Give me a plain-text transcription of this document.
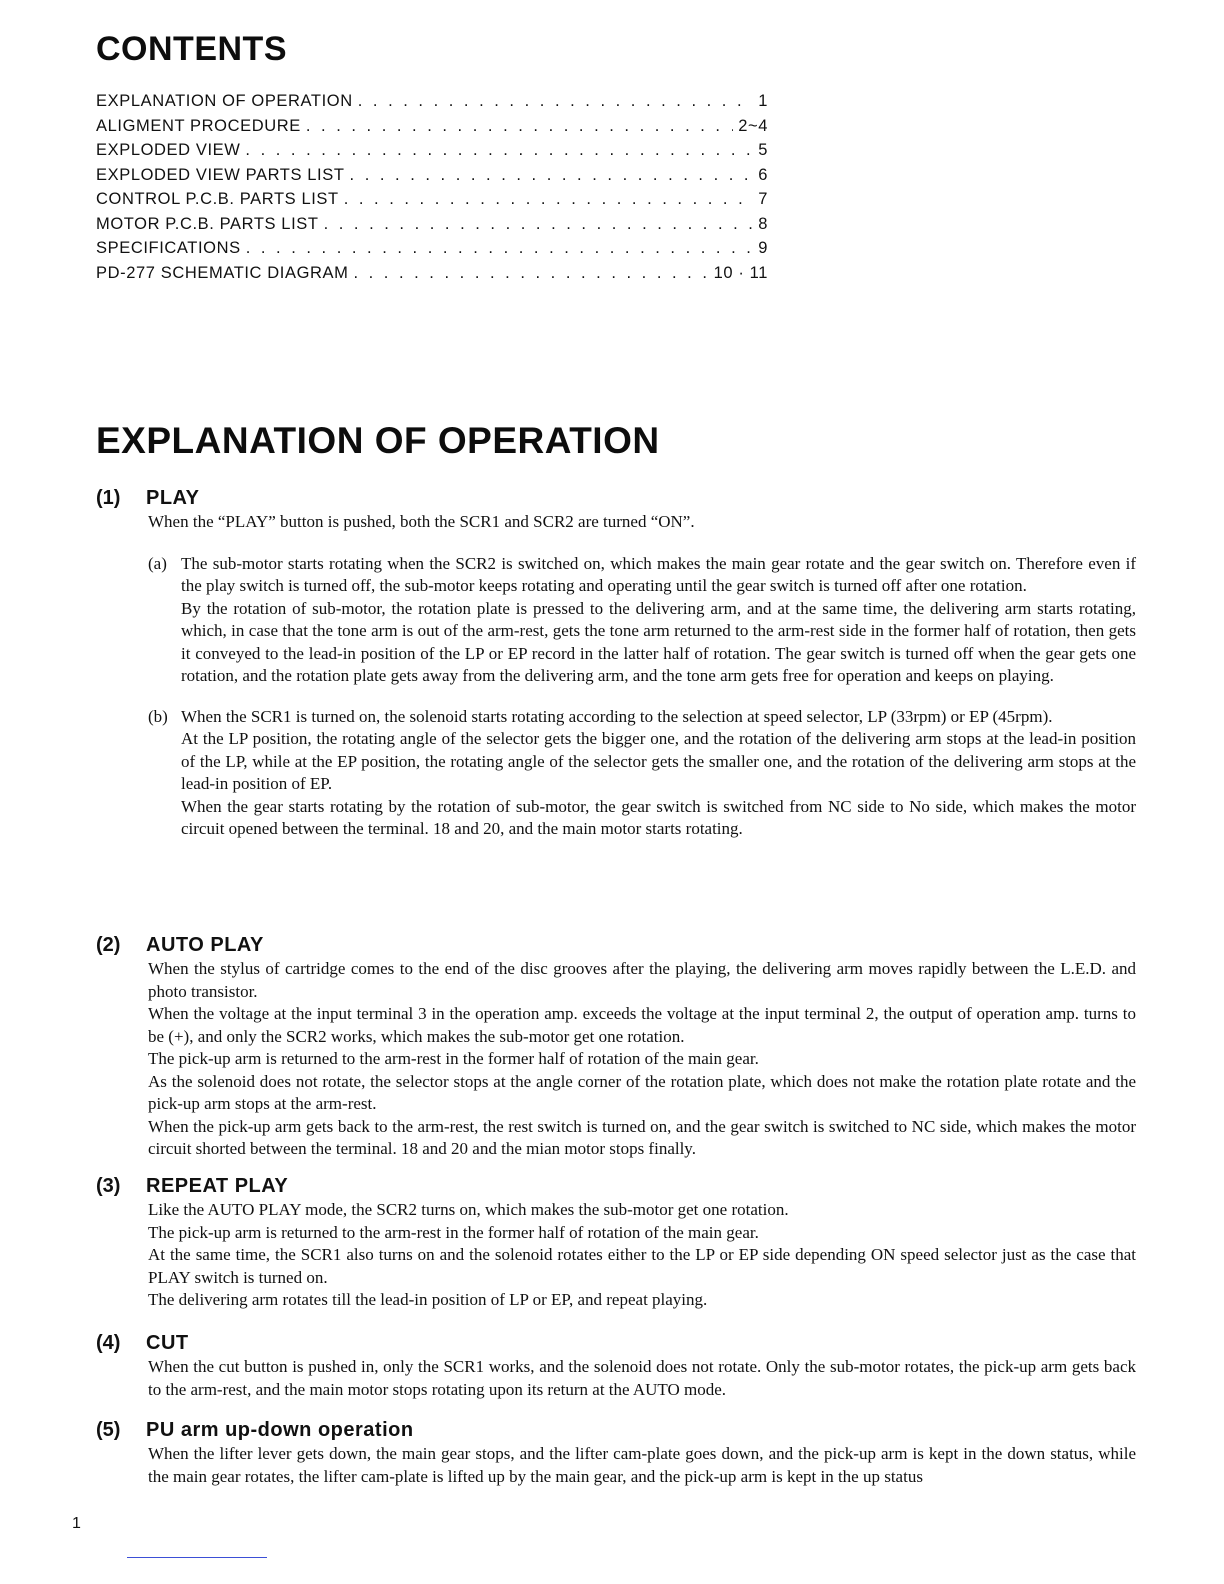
CONTENTS
EXPLANATION OF OPERATION . . .	1
ALIGMENT PROCEDURE . . .	2~4
EXPLODED VIEW . . .	5
EXPLODED VIEW PARTS LIST . . .	6
CONTROL P.C.B. PARTS LIST . . .	7
MOTOR P.C.B. PARTS LIST . . .	8
SPECIFICATIONS . . .	9
PD-277 SCHEMATIC DIAGRAM . . .	10 · 11
EXPLANATION OF OPERATION
(1)	PLAY

When the “PLAY” button is pushed, both the SCR1 and SCR2 are turned “ON”.

(a) The sub-motor starts rotating when the SCR2 is switched on, which makes the main gear rotate and the gear switch on. Therefore even if the play switch is turned off, the sub-motor keeps rotating and operating until the gear switch is turned off after one rotation.

By the rotation of sub-motor, the rotation plate is pressed to the delivering arm, and at the same time, the delivering arm starts rotating, which, in case that the tone arm is out of the arm-rest, gets the tone arm returned to the arm-rest side in the former half of rotation, then gets it conveyed to the lead-in position of the LP or EP record in the latter half of rotation. The gear switch is turned off when the gear gets one rotation, and the rotation plate gets away from the delivering arm, and the tone arm gets free for operation and keeps on playing.

(b) When the SCR1 is turned on, the solenoid starts rotating according to the selection at speed selector, LP (33rpm) or EP (45rpm).

At the LP position, the rotating angle of the selector gets the bigger one, and the rotation of the delivering arm stops at the lead-in position of the LP, while at the EP position, the rotating angle of the selector gets the smaller one, and the rotation of the delivering arm stops at the lead-in position of EP.

When the gear starts rotating by the rotation of sub-motor, the gear switch is switched from NC side to No side, which makes the motor circuit opened between the terminal. 18 and 20, and the main motor starts rotating.

(2)	AUTO PLAY

When the stylus of cartridge comes to the end of the disc grooves after the playing, the delivering arm moves rapidly between the L.E.D. and photo transistor.

When the voltage at the input terminal 3 in the operation amp. exceeds the voltage at the input terminal 2, the output of operation amp. turns to be (+), and only the SCR2 works, which makes the sub-motor get one rotation.

The pick-up arm is returned to the arm-rest in the former half of rotation of the main gear.

As the solenoid does not rotate, the selector stops at the angle corner of the rotation plate, which does not make the rotation plate rotate and the pick-up arm stops at the arm-rest.

When the pick-up arm gets back to the arm-rest, the rest switch is turned on, and the gear switch is switched to NC side, which makes the motor circuit shorted between the terminal. 18 and 20 and the mian motor stops finally.

(3)	REPEAT PLAY

Like the AUTO PLAY mode, the SCR2 turns on, which makes the sub-motor get one rotation.

The pick-up arm is returned to the arm-rest in the former half of rotation of the main gear.

At the same time, the SCR1 also turns on and the solenoid rotates either to the LP or EP side depending ON speed selector just as the case that PLAY switch is turned on.

The delivering arm rotates till the lead-in position of LP or EP, and repeat playing.

(4)	CUT

When the cut button is pushed in, only the SCR1 works, and the solenoid does not rotate. Only the sub-motor rotates, the pick-up arm gets back to the arm-rest, and the main motor stops rotating upon its return at the AUTO mode.

(5)	PU arm up-down operation

When the lifter lever gets down, the main gear stops, and the lifter cam-plate goes down, and the pick-up arm is kept in the down status, while the main gear rotates, the lifter cam-plate is lifted up by the main gear, and the pick-up arm is kept in the up status

1
